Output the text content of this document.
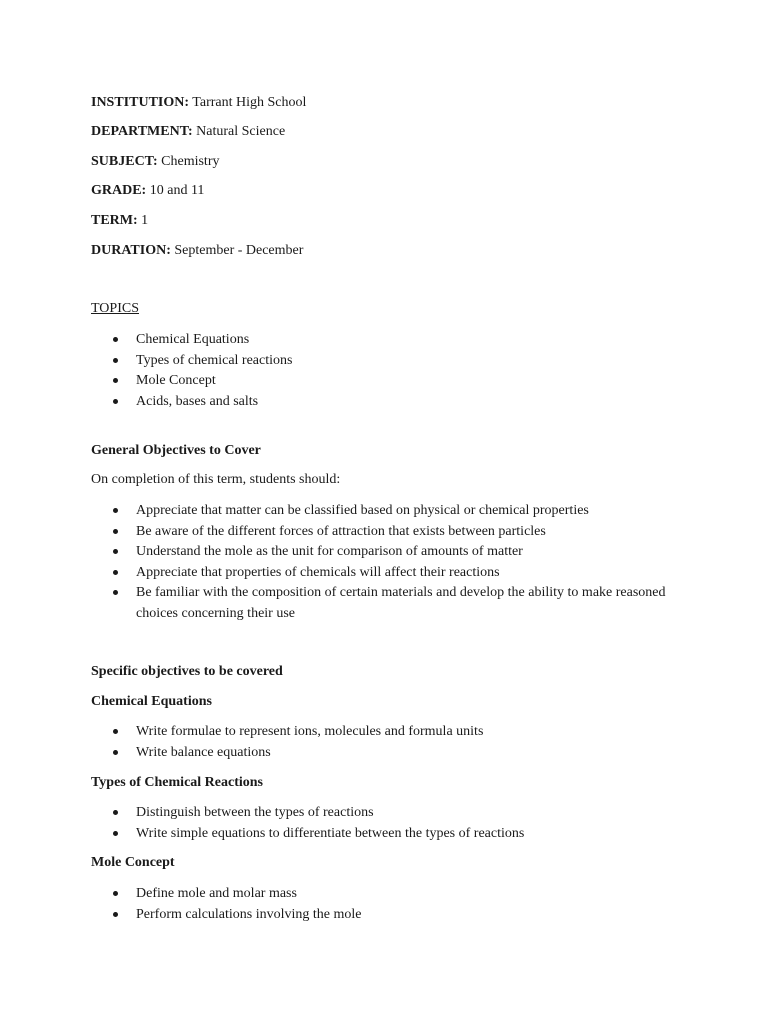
INSTITUTION: Tarrant High School
DEPARTMENT: Natural Science
SUBJECT: Chemistry
GRADE: 10 and 11
TERM: 1
DURATION: September - December
TOPICS
Chemical Equations
Types of chemical reactions
Mole Concept
Acids, bases and salts
General Objectives to Cover
On completion of this term, students should:
Appreciate that matter can be classified based on physical or chemical properties
Be aware of the different forces of attraction that exists between particles
Understand the mole as the unit for comparison of amounts of matter
Appreciate that properties of chemicals will affect their reactions
Be familiar with the composition of certain materials and develop the ability to make reasoned choices concerning their use
Specific objectives to be covered
Chemical Equations
Write formulae to represent ions, molecules and formula units
Write balance equations
Types of Chemical Reactions
Distinguish between the types of reactions
Write simple equations to differentiate between the types of reactions
Mole Concept
Define mole and molar mass
Perform calculations involving the mole
